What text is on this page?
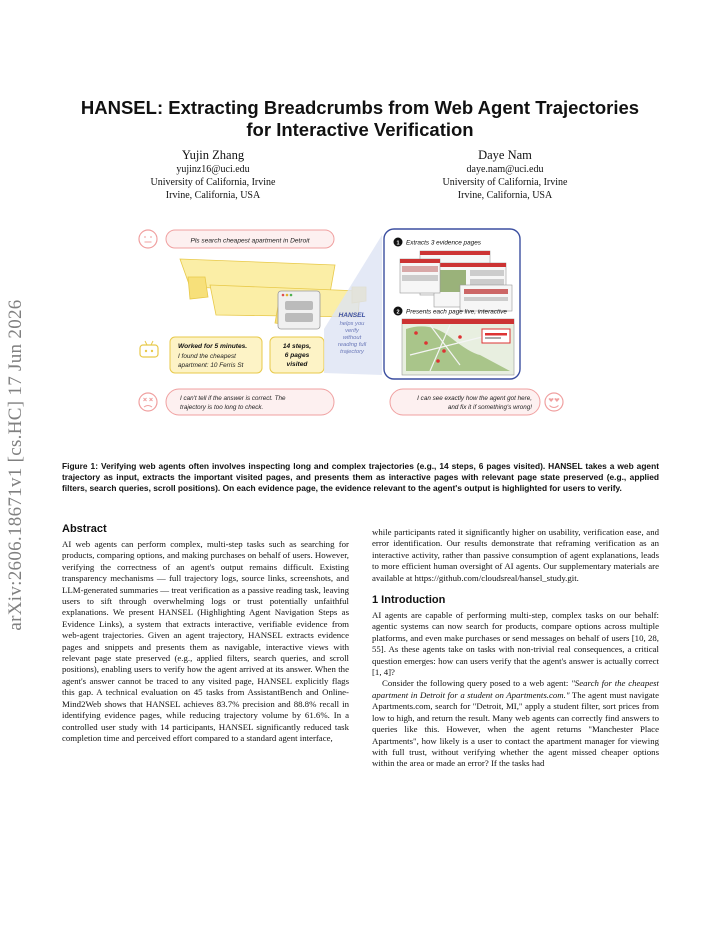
arXiv:2606.18671v1 [cs.HC] 17 Jun 2026
HANSEL: Extracting Breadcrumbs from Web Agent Trajectories
for Interactive Verification
Yujin Zhang
yujinz16@uci.edu
University of California, Irvine
Irvine, California, USA
Daye Nam
daye.nam@uci.edu
University of California, Irvine
Irvine, California, USA
Pls search cheapest apartment in Detroit
Worked for 5 minutes.
I found the cheapest
apartment: 10 Ferris St
14 steps,
6 pages
visited
HANSEL
helps you
verify
without
reading full
trajectory
1 Extracts 3 evidence pages
2 Presents each page live, interactive
I can't tell if the answer is correct. The
trajectory is too long to check.
I can see exactly how the agent got here,
and fix it if something's wrong!
Figure 1: Verifying web agents often involves inspecting long and complex trajectories (e.g., 14 steps, 6 pages visited). HANSEL takes a web agent trajectory as input, extracts the important visited pages, and presents them as interactive pages with relevant page state preserved (e.g., applied filters, search queries, scroll positions). On each evidence page, the evidence relevant to the agent's output is highlighted for users to verify.
Abstract

AI web agents can perform complex, multi-step tasks such as searching for products, comparing options, and making purchases on behalf of users. However, verifying the correctness of an agent's output remains difficult. Existing transparency mechanisms — full trajectory logs, source links, screenshots, and LLM-generated summaries — treat verification as a passive reading task, leaving users to sift through overwhelming logs or trust potentially unfaithful explanations. We present HANSEL (Highlighting Agent Navigation Steps as Evidence Links), a system that extracts interactive, verifiable evidence from web-agent trajectories. Given an agent trajectory, HANSEL extracts evidence pages and snippets and presents them as navigable, interactive views with relevant page state preserved (e.g., applied filters, search queries, and scroll positions), enabling users to verify how the agent arrived at its answer. When the agent's answer cannot be traced to any visited page, HANSEL explicitly flags this gap. A technical evaluation on 45 tasks from AssistantBench and Online-Mind2Web shows that HANSEL achieves 83.7% precision and 88.8% recall in identifying evidence pages, while reducing trajectory volume by 61.6%. In a controlled user study with 14 participants, HANSEL significantly reduced task completion time and perceived effort compared to a standard agent interface,

while participants rated it significantly higher on usability, verification ease, and error identification. Our results demonstrate that reframing verification as an interactive activity, rather than passive consumption of agent explanations, leads to more efficient human oversight of AI agents. Our supplementary materials are available at https://github.com/cloudsreal/hansel_study.git.

1 Introduction

AI agents are capable of performing multi-step, complex tasks on our behalf: agentic systems can now search for products, compare options across multiple platforms, and even make purchases or send messages on behalf of users [10, 28, 55]. As these agents take on tasks with non-trivial real consequences, a critical question emerges: how can users verify that the agent's answer is actually correct [1, 4]?

Consider the following query posed to a web agent: "Search for the cheapest apartment in Detroit for a student on Apartments.com." The agent must navigate Apartments.com, search for "Detroit, MI," apply a student filter, sort prices from low to high, and return the result. Many web agents can correctly find answers to queries like this. However, when the agent returns "Manchester Place Apartments", how likely is a user to contact the apartment manager for viewing with full trust, without verifying whether the agent missed cheaper options within the area or made an error? If the tasks had
